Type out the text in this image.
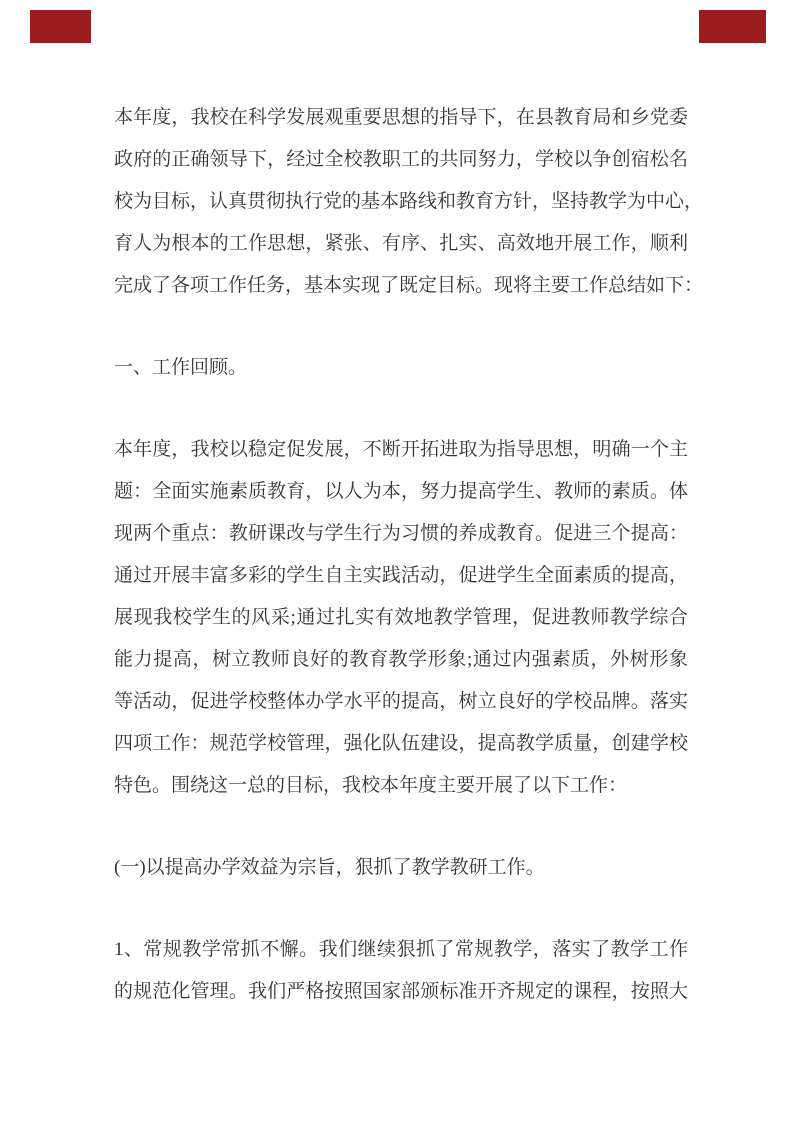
本年度，我校在科学发展观重要思想的指导下，在县教育局和乡党委
政府的正确领导下，经过全校教职工的共同努力，学校以争创宿松名
校为目标，认真贯彻执行党的基本路线和教育方针，坚持教学为中心，
育人为根本的工作思想，紧张、有序、扎实、高效地开展工作，顺利
完成了各项工作任务，基本实现了既定目标。现将主要工作总结如下：
一、工作回顾。
本年度，我校以稳定促发展，不断开拓进取为指导思想，明确一个主
题：全面实施素质教育，以人为本，努力提高学生、教师的素质。体
现两个重点：教研课改与学生行为习惯的养成教育。促进三个提高：
通过开展丰富多彩的学生自主实践活动，促进学生全面素质的提高，
展现我校学生的风采;通过扎实有效地教学管理，促进教师教学综合
能力提高，树立教师良好的教育教学形象;通过内强素质，外树形象
等活动，促进学校整体办学水平的提高，树立良好的学校品牌。落实
四项工作：规范学校管理，强化队伍建设，提高教学质量，创建学校
特色。围绕这一总的目标，我校本年度主要开展了以下工作：
(一)以提高办学效益为宗旨，狠抓了教学教研工作。
1、常规教学常抓不懈。我们继续狠抓了常规教学，落实了教学工作
的规范化管理。我们严格按照国家部颁标准开齐规定的课程，按照大
